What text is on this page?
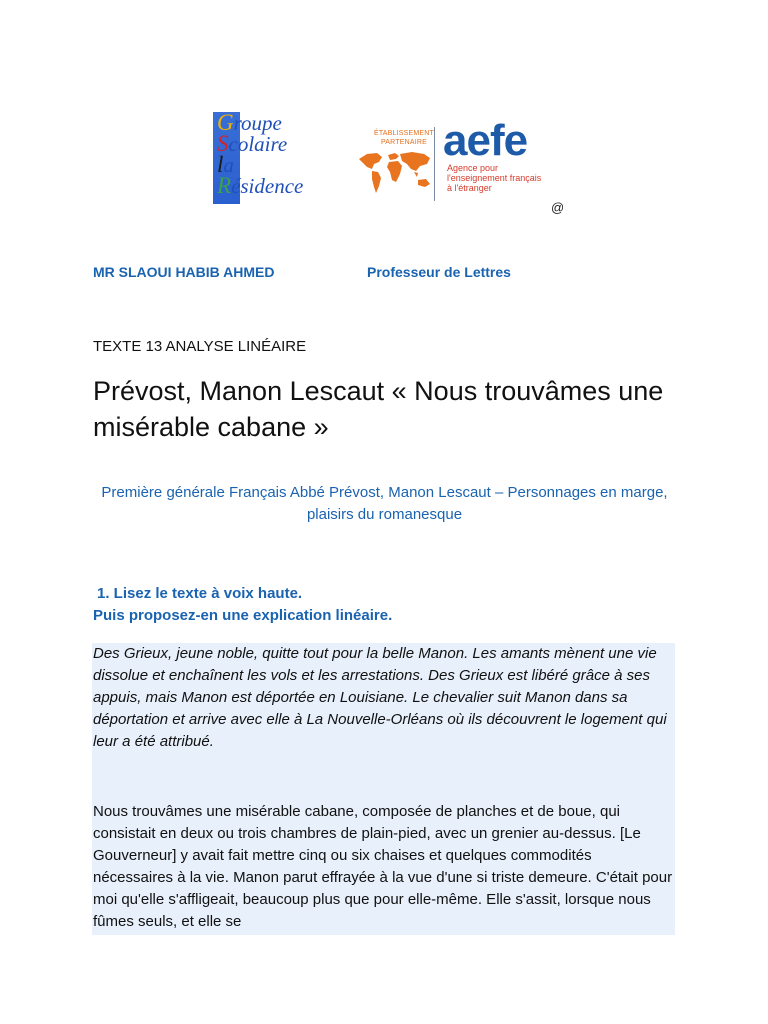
Groupe
Scolaire
la
Résidence
ÉTABLISSEMENT
PARTENAIRE aefe
Agence pour
l'enseignement français
à l'étranger
@
MR SLAOUI HABIB AHMED	Professeur de Lettres
TEXTE 13 ANALYSE LINÉAIRE
Prévost, Manon Lescaut « Nous trouvâmes une misérable cabane »
Première générale Français Abbé Prévost, Manon Lescaut – Personnages en marge, plaisirs du romanesque
1. Lisez le texte à voix haute.
Puis proposez-en une explication linéaire.
Des Grieux, jeune noble, quitte tout pour la belle Manon. Les amants mènent une vie dissolue et enchaînent les vols et les arrestations. Des Grieux est libéré grâce à ses appuis, mais Manon est déportée en Louisiane. Le chevalier suit Manon dans sa déportation et arrive avec elle à La Nouvelle-Orléans où ils découvrent le logement qui leur a été attribué.
Nous trouvâmes une misérable cabane, composée de planches et de boue, qui consistait en deux ou trois chambres de plain-pied, avec un grenier au-dessus. [Le Gouverneur] y avait fait mettre cinq ou six chaises et quelques commodités nécessaires à la vie. Manon parut effrayée à la vue d'une si triste demeure. C'était pour moi qu'elle s'affligeait, beaucoup plus que pour elle-même. Elle s'assit, lorsque nous fûmes seuls, et elle se
